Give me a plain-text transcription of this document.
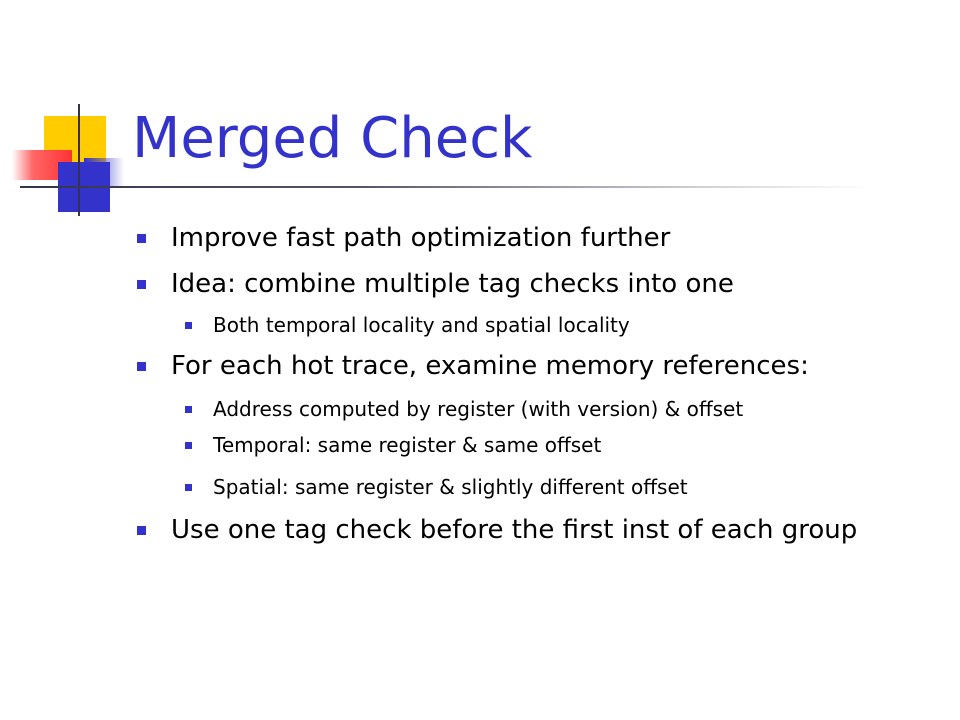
Merged Check
Improve fast path optimization further
Idea: combine multiple tag checks into one
Both temporal locality and spatial locality
For each hot trace, examine memory references:
Address computed by register (with version) & offset
Temporal: same register & same offset
Spatial: same register & slightly different offset
Use one tag check before the first inst of each group
